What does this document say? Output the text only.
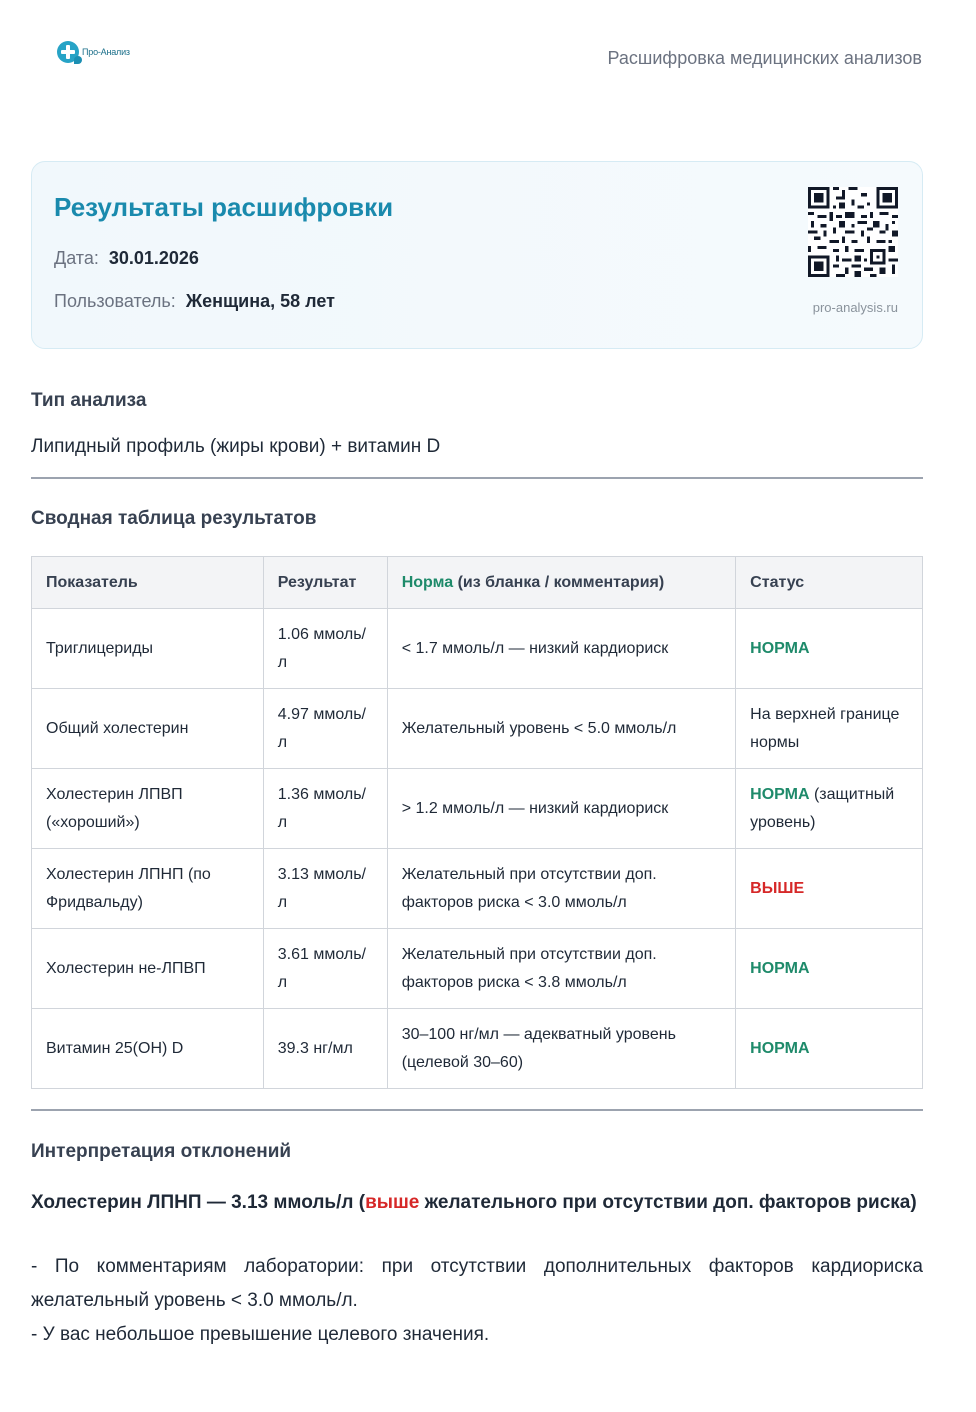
Про-Анализ	Расшифровка медицинских анализов
Результаты расшифровки
Дата: 30.01.2026
Пользователь: Женщина, 58 лет	pro-analysis.ru
Тип анализа
Липидный профиль (жиры крови) + витамин D
Сводная таблица результатов
Показатель	Результат	Норма (из бланка / комментария)	Статус
Триглицериды	1.06 ммоль/л	< 1.7 ммоль/л — низкий кардиориск	НОРМА
Общий холестерин	4.97 ммоль/л	Желательный уровень < 5.0 ммоль/л	На верхней границе нормы
Холестерин ЛПВП («хороший»)	1.36 ммоль/л	> 1.2 ммоль/л — низкий кардиориск	НОРМА (защитный уровень)
Холестерин ЛПНП (по Фридвальду)	3.13 ммоль/л	Желательный при отсутствии доп. факторов риска < 3.0 ммоль/л	ВЫШЕ
Холестерин не-ЛПВП	3.61 ммоль/л	Желательный при отсутствии доп. факторов риска < 3.8 ммоль/л	НОРМА
Витамин 25(OH) D	39.3 нг/мл	30–100 нг/мл — адекватный уровень (целевой 30–60)	НОРМА
Интерпретация отклонений
Холестерин ЛПНП — 3.13 ммоль/л (выше желательного при отсутствии доп. факторов риска)
- По комментариям лаборатории: при отсутствии дополнительных факторов кардиориска желательный уровень < 3.0 ммоль/л.
- У вас небольшое превышение целевого значения.
